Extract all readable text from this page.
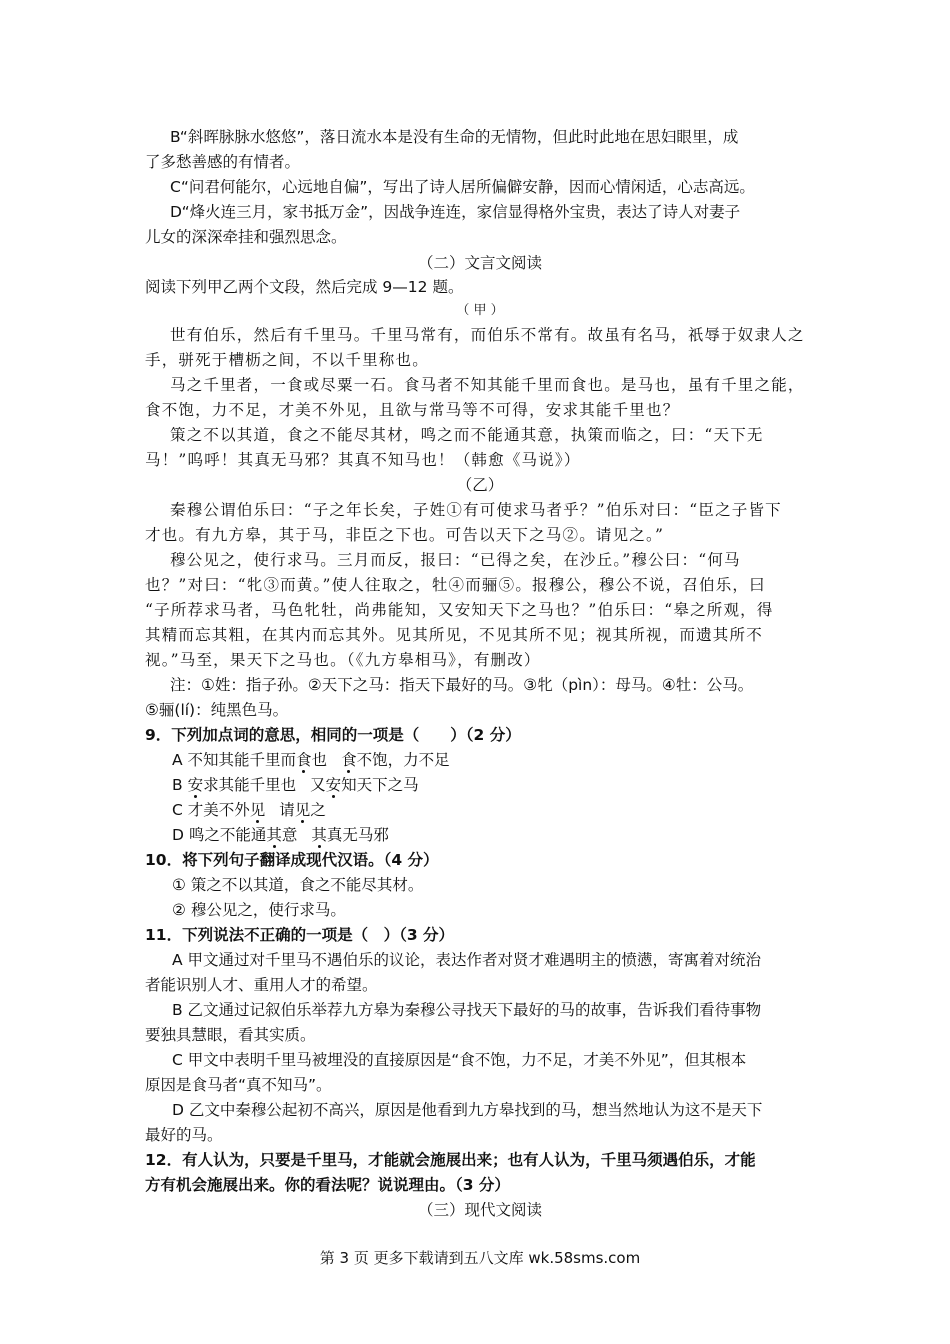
B“斜晖脉脉水悠悠”，落日流水本是没有生命的无情物，但此时此地在思妇眼里，成
了多愁善感的有情者。
C“问君何能尔，心远地自偏”，写出了诗人居所偏僻安静，因而心情闲适，心志高远。
D“烽火连三月，家书抵万金”，因战争连连，家信显得格外宝贵，表达了诗人对妻子
儿女的深深牵挂和强烈思念。
（二）文言文阅读
阅读下列甲乙两个文段，然后完成 9—12 题。
（ 甲 ）
世有伯乐，然后有千里马。千里马常有，而伯乐不常有。故虽有名马，祇辱于奴隶人之
手，骈死于槽枥之间，不以千里称也。
马之千里者，一食或尽粟一石。食马者不知其能千里而食也。是马也，虽有千里之能，
食不饱，力不足，才美不外见，且欲与常马等不可得，安求其能千里也？
策之不以其道，食之不能尽其材，鸣之而不能通其意，执策而临之，曰：“天下无
马！”呜呼！其真无马邪？其真不知马也！（韩愈《马说》）
（乙）
秦穆公谓伯乐曰：“子之年长矣，子姓①有可使求马者乎？”伯乐对曰：“臣之子皆下
才也。有九方皋，其于马，非臣之下也。可告以天下之马②。请见之。”
穆公见之，使行求马。三月而反，报曰：“已得之矣，在沙丘。”穆公曰：“何马
也？”对曰：“牝③而黄。”使人往取之，牡④而骊⑤。报穆公，穆公不说，召伯乐，曰
“子所荐求马者，马色牝牡，尚弗能知，又安知天下之马也？”伯乐曰：“皋之所观，得
其精而忘其粗，在其内而忘其外。见其所见，不见其所不见；视其所视，而遗其所不
视。”马至，果天下之马也。（《九方皋相马》，有删改）
注：①姓：指子孙。②天下之马：指天下最好的马。③牝（pìn）：母马。④牡：公马。
⑤骊(lí)：纯黑色马。
9．下列加点词的意思，相同的一项是（　　）（2 分）
A 不知其能千里而食也 食不饱，力不足
B 安求其能千里也 又安知天下之马
C 才美不外见 请见之
D 鸣之不能通其意 其真无马邪
10．将下列句子翻译成现代汉语。（4 分）
① 策之不以其道，食之不能尽其材。
② 穆公见之，使行求马。
11．下列说法不正确的一项是（　）（3 分）
A 甲文通过对千里马不遇伯乐的议论，表达作者对贤才难遇明主的愤懑，寄寓着对统治
者能识别人才、重用人才的希望。
B 乙文通过记叙伯乐举荐九方皋为秦穆公寻找天下最好的马的故事，告诉我们看待事物
要独具慧眼，看其实质。
C 甲文中表明千里马被埋没的直接原因是“食不饱，力不足，才美不外见”，但其根本
原因是食马者“真不知马”。
D 乙文中秦穆公起初不高兴，原因是他看到九方皋找到的马，想当然地认为这不是天下
最好的马。
12．有人认为，只要是千里马，才能就会施展出来；也有人认为，千里马须遇伯乐，才能
方有机会施展出来。你的看法呢？说说理由。（3 分）
（三）现代文阅读
第 3 页 更多下载请到五八文库 wk.58sms.com
